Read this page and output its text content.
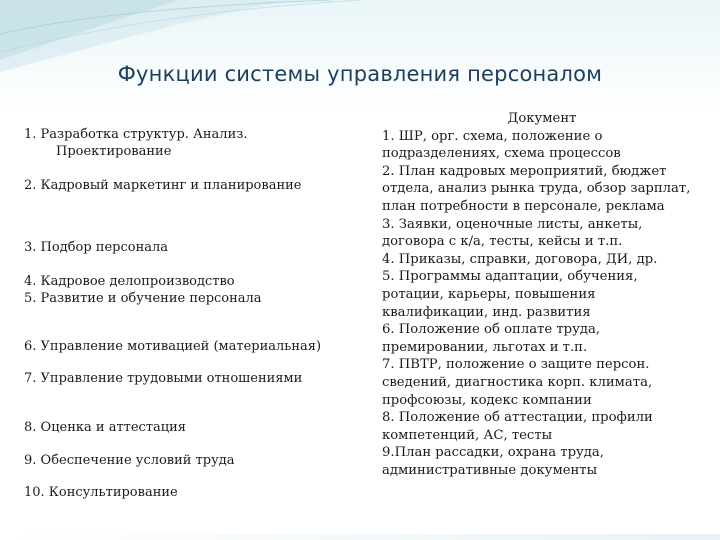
Функции системы управления персоналом
1. Разработка структур. Анализ.
Проектирование
2. Кадровый маркетинг и планирование
3. Подбор персонала
4. Кадровое делопроизводство
5. Развитие и обучение персонала
6. Управление мотивацией (материальная)
7. Управление трудовыми отношениями
8. Оценка и аттестация
9. Обеспечение условий труда
10. Консультирование
Документ
1. ШР, орг. схема, положение о
подразделениях, схема процессов
2. План кадровых мероприятий, бюджет
отдела, анализ рынка труда, обзор зарплат,
план потребности в персонале, реклама
3. Заявки, оценочные листы, анкеты,
договора с к/а, тесты, кейсы и т.п.
4. Приказы, справки, договора, ДИ, др.
5. Программы адаптации, обучения,
ротации, карьеры, повышения
квалификации, инд. развития
6. Положение об оплате труда,
премировании, льготах и т.п.
7. ПВТР, положение о защите персон.
сведений, диагностика корп. климата,
профсоюзы, кодекс компании
8. Положение об аттестации, профили
компетенций, АС, тесты
9.План рассадки, охрана труда,
административные документы
